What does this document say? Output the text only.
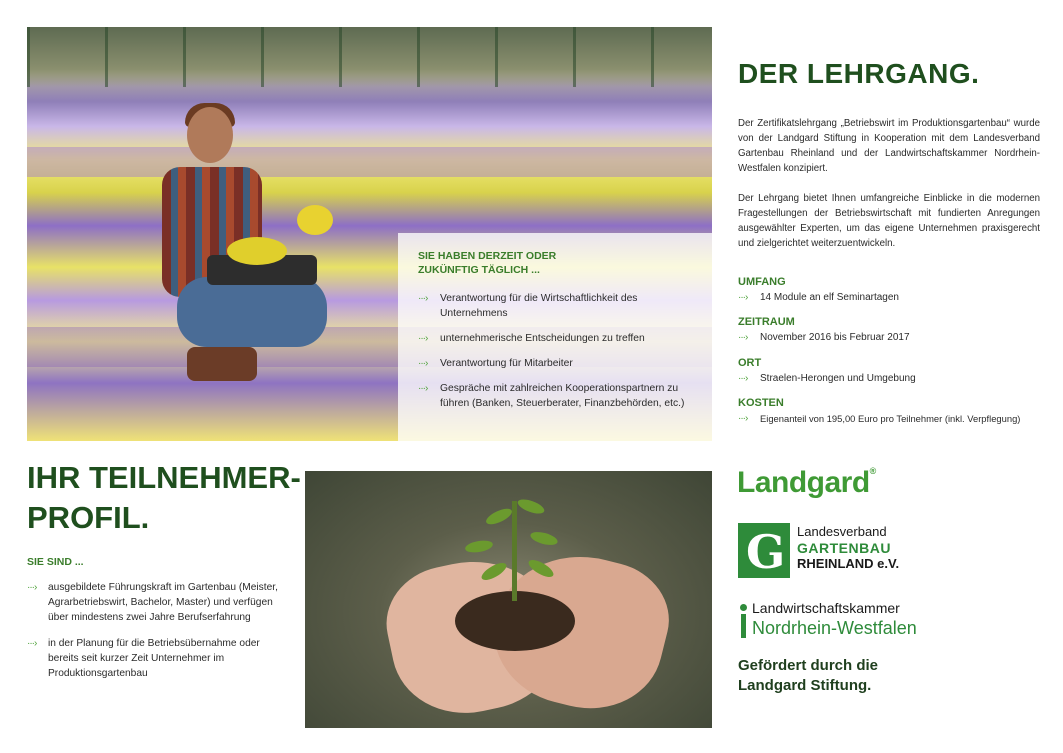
SIE HABEN DERZEIT ODER
ZUKÜNFTIG TÄGLICH ...
···› Verantwortung für die Wirtschaftlichkeit des Unternehmens
···› unternehmerische Entscheidungen zu treffen
···› Verantwortung für Mitarbeiter
···› Gespräche mit zahlreichen Kooperationspartnern zu führen (Banken, Steuerberater, Finanzbehörden, etc.)
DER LEHRGANG.
Der Zertifikatslehrgang „Betriebswirt im Produktionsgartenbau“ wurde von der Landgard Stiftung in Kooperation mit dem Landesverband Gartenbau Rheinland und der Landwirtschaftskammer Nordrhein-Westfalen konzipiert.
Der Lehrgang bietet Ihnen umfangreiche Einblicke in die modernen Fragestellungen der Betriebswirtschaft mit fundierten Anregungen ausgewählter Experten, um das eigene Unternehmen praxisgerecht und zielgerichtet weiterzuentwickeln.
UMFANG
···› 14 Module an elf Seminartagen
ZEITRAUM
···› November 2016 bis Februar 2017
ORT
···› Straelen-Herongen und Umgebung
KOSTEN
···› Eigenanteil von 195,00 Euro pro Teilnehmer (inkl. Verpflegung)
IHR TEILNEHMER-
PROFIL.
SIE SIND ...
···› ausgebildete Führungskraft im Gartenbau (Meister, Agrarbetriebswirt, Bachelor, Master) und verfügen über mindestens zwei Jahre Berufserfahrung
···› in der Planung für die Betriebsübernahme oder bereits seit kurzer Zeit Unternehmer im Produktionsgartenbau
Landgard®
G Landesverband
GARTENBAU
RHEINLAND e.V.
Landwirtschaftskammer
Nordrhein-Westfalen
Gefördert durch die
Landgard Stiftung.
